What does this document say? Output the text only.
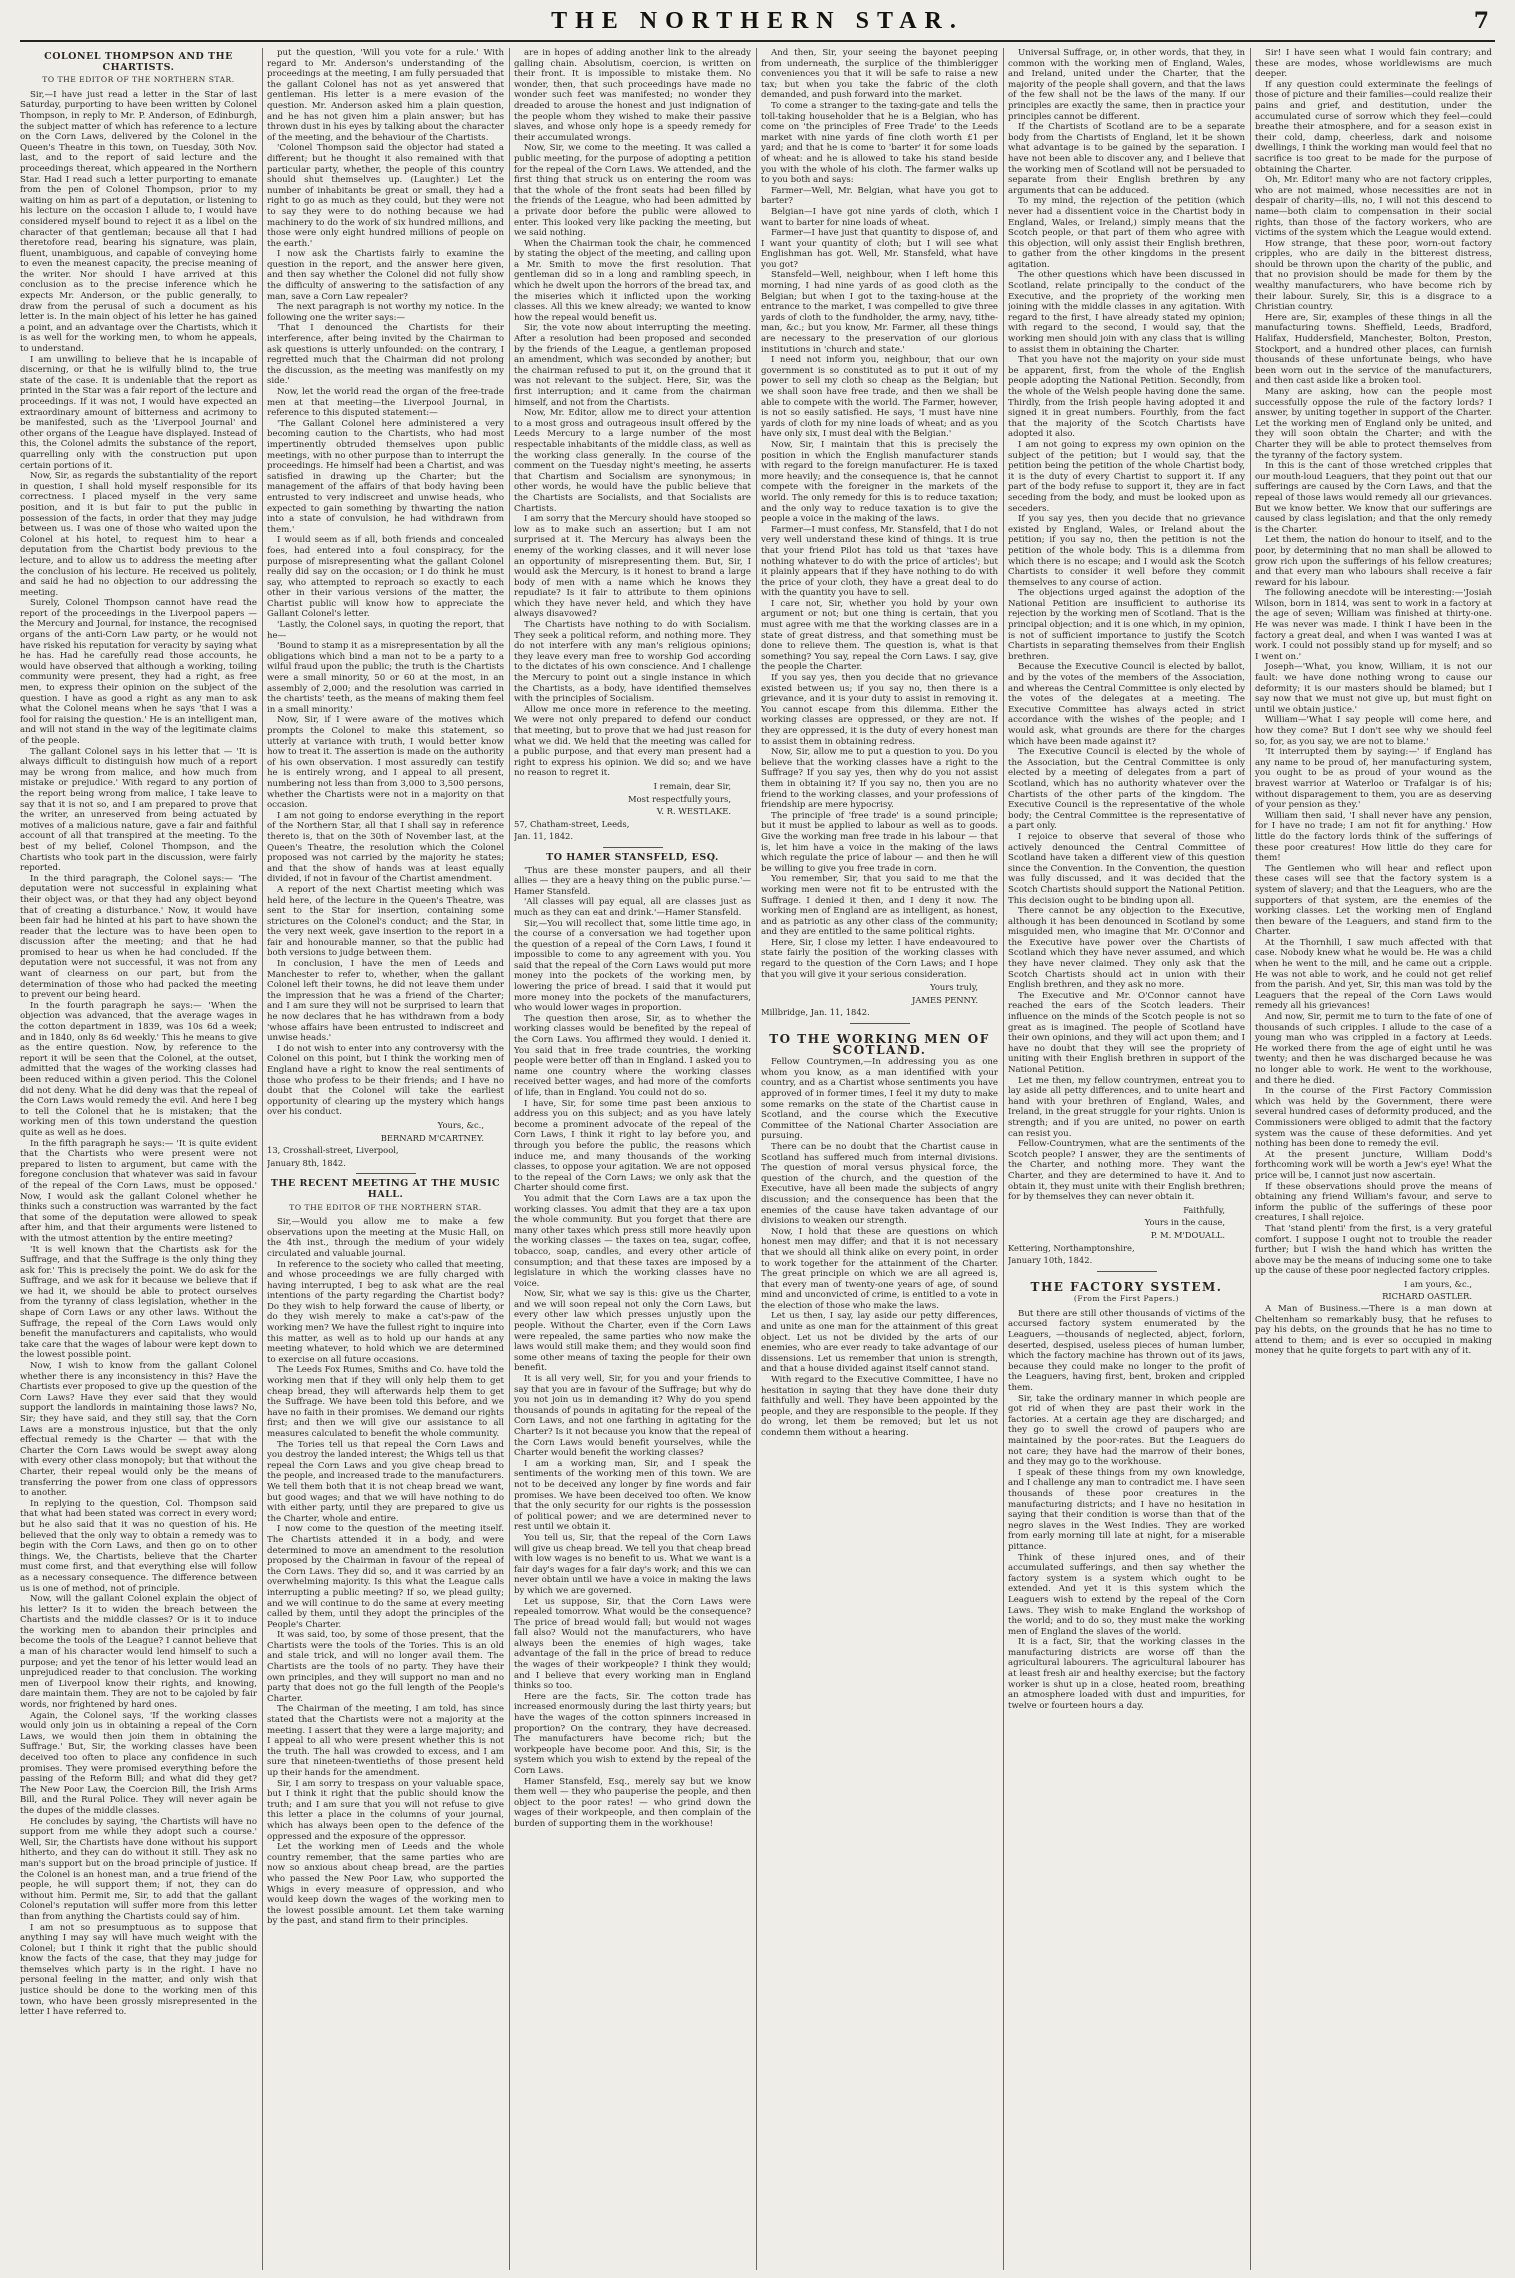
THE NORTHERN STAR.	7
COLONEL THOMPSON AND THE CHARTISTS.
TO THE EDITOR OF THE NORTHERN STAR.

Sir,—I have just read a letter in the Star of last Saturday, purporting to have been written by Colonel Thompson, in reply to Mr. P. Anderson, of Edinburgh, the subject matter of which has reference to a lecture on the Corn Laws, delivered by the Colonel in the Queen's Theatre in this town, on Tuesday, 30th Nov. last, and to the report of said lecture and the proceedings thereat, which appeared in the Northern Star. Had I read such a letter purporting to emanate from the pen of Colonel Thompson, prior to my waiting on him as part of a deputation, or listening to his lecture on the occasion I allude to, I would have considered myself bound to reject it as a libel on the character of that gentleman; because all that I had theretofore read, bearing his signature, was plain, fluent, unambiguous, and capable of conveying home to even the meanest capacity, the precise meaning of the writer. Nor should I have arrived at this conclusion as to the precise inference which he expects Mr. Anderson, or the public generally, to draw from the perusal of such a document as his letter is. In the main object of his letter he has gained a point, and an advantage over the Chartists, which it is as well for the working men, to whom he appeals, to understand.

I am unwilling to believe that he is incapable of discerning, or that he is wilfully blind to, the true state of the case. It is undeniable that the report as printed in the Star was a fair report of the lecture and proceedings. If it was not, I would have expected an extraordinary amount of bitterness and acrimony to be manifested, such as the 'Liverpool Journal' and other organs of the League have displayed. Instead of this, the Colonel admits the substance of the report, quarrelling only with the construction put upon certain portions of it.

Now, Sir, as regards the substantiality of the report in question, I shall hold myself responsible for its correctness. I placed myself in the very same position, and it is but fair to put the public in possession of the facts, in order that they may judge between us. I was one of those who waited upon the Colonel at his hotel, to request him to hear a deputation from the Chartist body previous to the lecture, and to allow us to address the meeting after the conclusion of his lecture. He received us politely, and said he had no objection to our addressing the meeting.

Surely, Colonel Thompson cannot have read the report of the proceedings in the Liverpool papers — the Mercury and Journal, for instance, the recognised organs of the anti-Corn Law party, or he would not have risked his reputation for veracity by saying what he has. Had he carefully read those accounts, he would have observed that although a working, toiling community were present, they had a right, as free men, to express their opinion on the subject of the question. I have as good a right as any man to ask what the Colonel means when he says 'that I was a fool for raising the question.' He is an intelligent man, and will not stand in the way of the legitimate claims of the people.

The gallant Colonel says in his letter that — 'It is always difficult to distinguish how much of a report may be wrong from malice, and how much from mistake or prejudice.' With regard to any portion of the report being wrong from malice, I take leave to say that it is not so, and I am prepared to prove that the writer, an unreserved from being actuated by motives of a malicious nature, gave a fair and faithful account of all that transpired at the meeting. To the best of my belief, Colonel Thompson, and the Chartists who took part in the discussion, were fairly reported.

In the third paragraph, the Colonel says:— 'The deputation were not successful in explaining what their object was, or that they had any object beyond that of creating a disturbance.' Now, it would have been fair had he hinted at his part to have shown the reader that the lecture was to have been open to discussion after the meeting; and that he had promised to hear us when he had concluded. If the deputation were not successful, it was not from any want of clearness on our part, but from the determination of those who had packed the meeting to prevent our being heard.

In the fourth paragraph he says:— 'When the objection was advanced, that the average wages in the cotton department in 1839, was 10s 6d a week; and in 1840, only 8s 6d weekly.' This he means to give as the entire question. Now, by reference to the report it will be seen that the Colonel, at the outset, admitted that the wages of the working classes had been reduced within a given period. This the Colonel did not deny. What he did deny was that the repeal of the Corn Laws would remedy the evil. And here I beg to tell the Colonel that he is mistaken; that the working men of this town understand the question quite as well as he does.

In the fifth paragraph he says:— 'It is quite evident that the Chartists who were present were not prepared to listen to argument, but came with the foregone conclusion that whatever was said in favour of the repeal of the Corn Laws, must be opposed.' Now, I would ask the gallant Colonel whether he thinks such a construction was warranted by the fact that some of the deputation were allowed to speak after him, and that their arguments were listened to with the utmost attention by the entire meeting?

'It is well known that the Chartists ask for the Suffrage, and that the Suffrage is the only thing they ask for.' This is precisely the point. We do ask for the Suffrage, and we ask for it because we believe that if we had it, we should be able to protect ourselves from the tyranny of class legislation, whether in the shape of Corn Laws or any other laws. Without the Suffrage, the repeal of the Corn Laws would only benefit the manufacturers and capitalists, who would take care that the wages of labour were kept down to the lowest possible point.

Now, I wish to know from the gallant Colonel whether there is any inconsistency in this? Have the Chartists ever proposed to give up the question of the Corn Laws? Have they ever said that they would support the landlords in maintaining those laws? No, Sir; they have said, and they still say, that the Corn Laws are a monstrous injustice, but that the only effectual remedy is the Charter — that with the Charter the Corn Laws would be swept away along with every other class monopoly; but that without the Charter, their repeal would only be the means of transferring the power from one class of oppressors to another.

In replying to the question, Col. Thompson said that what had been stated was correct in every word; but he also said that it was no question of his. He believed that the only way to obtain a remedy was to begin with the Corn Laws, and then go on to other things. We, the Chartists, believe that the Charter must come first, and that everything else will follow as a necessary consequence. The difference between us is one of method, not of principle.

Now, will the gallant Colonel explain the object of his letter? Is it to widen the breach between the Chartists and the middle classes? Or is it to induce the working men to abandon their principles and become the tools of the League? I cannot believe that a man of his character would lend himself to such a purpose; and yet the tenor of his letter would lead an unprejudiced reader to that conclusion. The working men of Liverpool know their rights, and knowing, dare maintain them. They are not to be cajoled by fair words, nor frightened by hard ones.

Again, the Colonel says, 'If the working classes would only join us in obtaining a repeal of the Corn Laws, we would then join them in obtaining the Suffrage.' But, Sir, the working classes have been deceived too often to place any confidence in such promises. They were promised everything before the passing of the Reform Bill; and what did they get? The New Poor Law, the Coercion Bill, the Irish Arms Bill, and the Rural Police. They will never again be the dupes of the middle classes.

He concludes by saying, 'the Chartists will have no support from me while they adopt such a course.' Well, Sir, the Chartists have done without his support hitherto, and they can do without it still. They ask no man's support but on the broad principle of justice. If the Colonel is an honest man, and a true friend of the people, he will support them; if not, they can do without him. Permit me, Sir, to add that the gallant Colonel's reputation will suffer more from this letter than from anything the Chartists could say of him.

I am not so presumptuous as to suppose that anything I may say will have much weight with the Colonel; but I think it right that the public should know the facts of the case, that they may judge for themselves which party is in the right. I have no personal feeling in the matter, and only wish that justice should be done to the working men of this town, who have been grossly misrepresented in the letter I have referred to.

put the question, 'Will you vote for a rule.' With regard to Mr. Anderson's understanding of the proceedings at the meeting, I am fully persuaded that the gallant Colonel has not as yet answered that gentleman. His letter is a mere evasion of the question. Mr. Anderson asked him a plain question, and he has not given him a plain answer; but has thrown dust in his eyes by talking about the character of the meeting, and the behaviour of the Chartists.

'Colonel Thompson said the objector had stated a different; but he thought it also remained with that particular party, whether, the people of this country should shut themselves up. (Laughter.) Let the number of inhabitants be great or small, they had a right to go as much as they could, but they were not to say they were to do nothing because we had machinery to do the work of six hundred millions, and those were only eight hundred millions of people on the earth.'

I now ask the Chartists fairly to examine the question in the report, and the answer here given, and then say whether the Colonel did not fully show the difficulty of answering to the satisfaction of any man, save a Corn Law repealer?

The next paragraph is not worthy my notice. In the following one the writer says:—

'That I denounced the Chartists for their interference, after being invited by the Chairman to ask questions is utterly unfounded: on the contrary, I regretted much that the Chairman did not prolong the discussion, as the meeting was manifestly on my side.'

Now, let the world read the organ of the free-trade men at that meeting—the Liverpool Journal, in reference to this disputed statement:—

'The Gallant Colonel here administered a very becoming caution to the Chartists, who had most impertinently obtruded themselves upon public meetings, with no other purpose than to interrupt the proceedings. He himself had been a Chartist, and was satisfied in drawing up the Charter; but the management of the affairs of that body having been entrusted to very indiscreet and unwise heads, who expected to gain something by thwarting the nation into a state of convulsion, he had withdrawn from them.'

I would seem as if all, both friends and concealed foes, had entered into a foul conspiracy, for the purpose of misrepresenting what the gallant Colonel really did say on the occasion; or I do think he must say, who attempted to reproach so exactly to each other in their various versions of the matter, the Chartist public will know how to appreciate the Gallant Colonel's letter.

'Lastly, the Colonel says, in quoting the report, that he—

'Bound to stamp it as a misrepresentation by all the obligations which bind a man not to be a party to a wilful fraud upon the public; the truth is the Chartists were a small minority, 50 or 60 at the most, in an assembly of 2,000; and the resolution was carried in the chartists' teeth, as the means of making them feel in a small minority.'

Now, Sir, if I were aware of the motives which prompts the Colonel to make this statement, so utterly at variance with truth, I would better know how to treat it. The assertion is made on the authority of his own observation. I most assuredly can testify he is entirely wrong, and I appeal to all present, numbering not less than from 3,000 to 3,500 persons, whether the Chartists were not in a majority on that occasion.

I am not going to endorse everything in the report of the Northern Star, all that I shall say in reference thereto is, that on the 30th of November last, at the Queen's Theatre, the resolution which the Colonel proposed was not carried by the majority he states; and that the show of hands was at least equally divided, if not in favour of the Chartist amendment.

A report of the next Chartist meeting which was held here, of the lecture in the Queen's Theatre, was sent to the Star for insertion, containing some strictures on the Colonel's conduct; and the Star, in the very next week, gave insertion to the report in a fair and honourable manner, so that the public had both versions to judge between them.

In conclusion, I have the men of Leeds and Manchester to refer to, whether, when the gallant Colonel left their towns, he did not leave them under the impression that he was a friend of the Charter; and I am sure they will not be surprised to learn that he now declares that he has withdrawn from a body 'whose affairs have been entrusted to indiscreet and unwise heads.'

I do not wish to enter into any controversy with the Colonel on this point, but I think the working men of England have a right to know the real sentiments of those who profess to be their friends; and I have no doubt that the Colonel will take the earliest opportunity of clearing up the mystery which hangs over his conduct.

Yours, &c.,
BERNARD M'CARTNEY.
13, Crosshall-street, Liverpool,
January 8th, 1842.
THE RECENT MEETING AT THE MUSIC HALL.
TO THE EDITOR OF THE NORTHERN STAR.

Sir,—Would you allow me to make a few observations upon the meeting at the Music Hall, on the 4th inst., through the medium of your widely circulated and valuable journal.

In reference to the society who called that meeting, and whose proceedings we are fully charged with having interrupted, I beg to ask what are the real intentions of the party regarding the Chartist body? Do they wish to help forward the cause of liberty, or do they wish merely to make a cat's-paw of the working men? We have the fullest right to inquire into this matter, as well as to hold up our hands at any meeting whatever, to hold which we are determined to exercise on all future occasions.

The Leeds Fox Rumes, Smiths and Co. have told the working men that if they will only help them to get cheap bread, they will afterwards help them to get the Suffrage. We have been told this before, and we have no faith in their promises. We demand our rights first; and then we will give our assistance to all measures calculated to benefit the whole community.

The Tories tell us that repeal the Corn Laws and you destroy the landed interest; the Whigs tell us that repeal the Corn Laws and you give cheap bread to the people, and increased trade to the manufacturers. We tell them both that it is not cheap bread we want, but good wages; and that we will have nothing to do with either party, until they are prepared to give us the Charter, whole and entire.

I now come to the question of the meeting itself. The Chartists attended it in a body, and were determined to move an amendment to the resolution proposed by the Chairman in favour of the repeal of the Corn Laws. They did so, and it was carried by an overwhelming majority. Is this what the League calls interrupting a public meeting? If so, we plead guilty; and we will continue to do the same at every meeting called by them, until they adopt the principles of the People's Charter.

It was said, too, by some of those present, that the Chartists were the tools of the Tories. This is an old and stale trick, and will no longer avail them. The Chartists are the tools of no party. They have their own principles, and they will support no man and no party that does not go the full length of the People's Charter.

The Chairman of the meeting, I am told, has since stated that the Chartists were not a majority at the meeting. I assert that they were a large majority; and I appeal to all who were present whether this is not the truth. The hall was crowded to excess, and I am sure that nineteen-twentieths of those present held up their hands for the amendment.

Sir, I am sorry to trespass on your valuable space, but I think it right that the public should know the truth; and I am sure that you will not refuse to give this letter a place in the columns of your journal, which has always been open to the defence of the oppressed and the exposure of the oppressor.

Let the working men of Leeds and the whole country remember, that the same parties who are now so anxious about cheap bread, are the parties who passed the New Poor Law, who supported the Whigs in every measure of oppression, and who would keep down the wages of the working men to the lowest possible amount. Let them take warning by the past, and stand firm to their principles.

are in hopes of adding another link to the already galling chain. Absolutism, coercion, is written on their front. It is impossible to mistake them. No wonder, then, that such proceedings have made no wonder such feet was manifested; no wonder they dreaded to arouse the honest and just indignation of the people whom they wished to make their passive slaves, and whose only hope is a speedy remedy for their accumulated wrongs.

Now, Sir, we come to the meeting. It was called a public meeting, for the purpose of adopting a petition for the repeal of the Corn Laws. We attended, and the first thing that struck us on entering the room was that the whole of the front seats had been filled by the friends of the League, who had been admitted by a private door before the public were allowed to enter. This looked very like packing the meeting, but we said nothing.

When the Chairman took the chair, he commenced by stating the object of the meeting, and calling upon a Mr. Smith to move the first resolution. That gentleman did so in a long and rambling speech, in which he dwelt upon the horrors of the bread tax, and the miseries which it inflicted upon the working classes. All this we knew already; we wanted to know how the repeal would benefit us.

Sir, the vote now about interrupting the meeting. After a resolution had been proposed and seconded by the friends of the League, a gentleman proposed an amendment, which was seconded by another; but the chairman refused to put it, on the ground that it was not relevant to the subject. Here, Sir, was the first interruption; and it came from the chairman himself, and not from the Chartists.

Now, Mr. Editor, allow me to direct your attention to a most gross and outrageous insult offered by the Leeds Mercury to a large number of the most respectable inhabitants of the middle class, as well as the working class generally. In the course of the comment on the Tuesday night's meeting, he asserts that Chartism and Socialism are synonymous; in other words, he would have the public believe that the Chartists are Socialists, and that Socialists are Chartists.

I am sorry that the Mercury should have stooped so low as to make such an assertion; but I am not surprised at it. The Mercury has always been the enemy of the working classes, and it will never lose an opportunity of misrepresenting them. But, Sir, I would ask the Mercury, is it honest to brand a large body of men with a name which he knows they repudiate? Is it fair to attribute to them opinions which they have never held, and which they have always disavowed?

The Chartists have nothing to do with Socialism. They seek a political reform, and nothing more. They do not interfere with any man's religious opinions; they leave every man free to worship God according to the dictates of his own conscience. And I challenge the Mercury to point out a single instance in which the Chartists, as a body, have identified themselves with the principles of Socialism.

Allow me once more in reference to the meeting. We were not only prepared to defend our conduct that meeting, but to prove that we had just reason for what we did. We held that the meeting was called for a public purpose, and that every man present had a right to express his opinion. We did so; and we have no reason to regret it.

I remain, dear Sir,
Most respectfully yours,
V. R. WESTLAKE.
57, Chatham-street, Leeds,
Jan. 11, 1842.
TO HAMER STANSFELD, ESQ.

'Thus are these monster paupers, and all their allies — they are a heavy thing on the public purse.'—Hamer Stansfeld.

'All classes will pay equal, all are classes just as much as they can eat and drink.'—Hamer Stansfeld.

Sir,—You will recollect that, some little time ago, in the course of a conversation we had together upon the question of a repeal of the Corn Laws, I found it impossible to come to any agreement with you. You said that the repeal of the Corn Laws would put more money into the pockets of the working men, by lowering the price of bread. I said that it would put more money into the pockets of the manufacturers, who would lower wages in proportion.

The question then arose, Sir, as to whether the working classes would be benefited by the repeal of the Corn Laws. You affirmed they would. I denied it. You said that in free trade countries, the working people were better off than in England. I asked you to name one country where the working classes received better wages, and had more of the comforts of life, than in England. You could not do so.

I have, Sir, for some time past been anxious to address you on this subject; and as you have lately become a prominent advocate of the repeal of the Corn Laws, I think it right to lay before you, and through you before the public, the reasons which induce me, and many thousands of the working classes, to oppose your agitation. We are not opposed to the repeal of the Corn Laws; we only ask that the Charter should come first.

You admit that the Corn Laws are a tax upon the working classes. You admit that they are a tax upon the whole community. But you forget that there are many other taxes which press still more heavily upon the working classes — the taxes on tea, sugar, coffee, tobacco, soap, candles, and every other article of consumption; and that these taxes are imposed by a legislature in which the working classes have no voice.

Now, Sir, what we say is this: give us the Charter, and we will soon repeal not only the Corn Laws, but every other law which presses unjustly upon the people. Without the Charter, even if the Corn Laws were repealed, the same parties who now make the laws would still make them; and they would soon find some other means of taxing the people for their own benefit.

It is all very well, Sir, for you and your friends to say that you are in favour of the Suffrage; but why do you not join us in demanding it? Why do you spend thousands of pounds in agitating for the repeal of the Corn Laws, and not one farthing in agitating for the Charter? Is it not because you know that the repeal of the Corn Laws would benefit yourselves, while the Charter would benefit the working classes?

I am a working man, Sir, and I speak the sentiments of the working men of this town. We are not to be deceived any longer by fine words and fair promises. We have been deceived too often. We know that the only security for our rights is the possession of political power; and we are determined never to rest until we obtain it.

You tell us, Sir, that the repeal of the Corn Laws will give us cheap bread. We tell you that cheap bread with low wages is no benefit to us. What we want is a fair day's wages for a fair day's work; and this we can never obtain until we have a voice in making the laws by which we are governed.

Let us suppose, Sir, that the Corn Laws were repealed tomorrow. What would be the consequence? The price of bread would fall; but would not wages fall also? Would not the manufacturers, who have always been the enemies of high wages, take advantage of the fall in the price of bread to reduce the wages of their workpeople? I think they would; and I believe that every working man in England thinks so too.

Here are the facts, Sir. The cotton trade has increased enormously during the last thirty years; but have the wages of the cotton spinners increased in proportion? On the contrary, they have decreased. The manufacturers have become rich; but the workpeople have become poor. And this, Sir, is the system which you wish to extend by the repeal of the Corn Laws.

Hamer Stansfeld, Esq., merely say but we know them well — they who pauperise the people, and then object to the poor rates! — who grind down the wages of their workpeople, and then complain of the burden of supporting them in the workhouse!

And then, Sir, your seeing the bayonet peeping from underneath, the surplice of the thimblerigger conveniences you that it will be safe to raise a new tax; but when you take the fabric of the cloth demanded, and push forward into the market.

To come a stranger to the taxing-gate and tells the toll-taking householder that he is a Belgian, who has come on 'the principles of Free Trade' to the Leeds market with nine yards of fine cloth worth £1 per yard; and that he is come to 'barter' it for some loads of wheat: and he is allowed to take his stand beside you with the whole of his cloth. The farmer walks up to you both and says:

Farmer—Well, Mr. Belgian, what have you got to barter?

Belgian—I have got nine yards of cloth, which I want to barter for nine loads of wheat.

Farmer—I have just that quantity to dispose of, and I want your quantity of cloth; but I will see what Englishman has got. Well, Mr. Stansfeld, what have you got?

Stansfeld—Well, neighbour, when I left home this morning, I had nine yards of as good cloth as the Belgian; but when I got to the taxing-house at the entrance to the market, I was compelled to give three yards of cloth to the fundholder, the army, navy, tithe-man, &c.; but you know, Mr. Farmer, all these things are necessary to the preservation of our glorious institutions in 'church and state.'

I need not inform you, neighbour, that our own government is so constituted as to put it out of my power to sell my cloth so cheap as the Belgian; but we shall soon have free trade, and then we shall be able to compete with the world. The Farmer, however, is not so easily satisfied. He says, 'I must have nine yards of cloth for my nine loads of wheat; and as you have only six, I must deal with the Belgian.'

Now, Sir, I maintain that this is precisely the position in which the English manufacturer stands with regard to the foreign manufacturer. He is taxed more heavily; and the consequence is, that he cannot compete with the foreigner in the markets of the world. The only remedy for this is to reduce taxation; and the only way to reduce taxation is to give the people a voice in the making of the laws.

Farmer—I must confess, Mr. Stansfeld, that I do not very well understand these kind of things. It is true that your friend Pilot has told us that 'taxes have nothing whatever to do with the price of articles'; but it plainly appears that if they have nothing to do with the price of your cloth, they have a great deal to do with the quantity you have to sell.

I care not, Sir, whether you hold by your own argument or not; but one thing is certain, that you must agree with me that the working classes are in a state of great distress, and that something must be done to relieve them. The question is, what is that something? You say, repeal the Corn Laws. I say, give the people the Charter.

If you say yes, then you decide that no grievance existed between us; if you say no, then there is a grievance, and it is your duty to assist in removing it. You cannot escape from this dilemma. Either the working classes are oppressed, or they are not. If they are oppressed, it is the duty of every honest man to assist them in obtaining redress.

Now, Sir, allow me to put a question to you. Do you believe that the working classes have a right to the Suffrage? If you say yes, then why do you not assist them in obtaining it? If you say no, then you are no friend to the working classes, and your professions of friendship are mere hypocrisy.

The principle of 'free trade' is a sound principle; but it must be applied to labour as well as to goods. Give the working man free trade in his labour — that is, let him have a voice in the making of the laws which regulate the price of labour — and then he will be willing to give you free trade in corn.

You remember, Sir, that you said to me that the working men were not fit to be entrusted with the Suffrage. I denied it then, and I deny it now. The working men of England are as intelligent, as honest, and as patriotic as any other class of the community; and they are entitled to the same political rights.

Here, Sir, I close my letter. I have endeavoured to state fairly the position of the working classes with regard to the question of the Corn Laws; and I hope that you will give it your serious consideration.

Yours truly,
JAMES PENNY.
Millbridge, Jan. 11, 1842.
TO THE WORKING MEN OF SCOTLAND.

Fellow Countrymen,—In addressing you as one whom you know, as a man identified with your country, and as a Chartist whose sentiments you have approved of in former times, I feel it my duty to make some remarks on the state of the Chartist cause in Scotland, and the course which the Executive Committee of the National Charter Association are pursuing.

There can be no doubt that the Chartist cause in Scotland has suffered much from internal divisions. The question of moral versus physical force, the question of the church, and the question of the Executive, have all been made the subjects of angry discussion; and the consequence has been that the enemies of the cause have taken advantage of our divisions to weaken our strength.

Now, I hold that these are questions on which honest men may differ; and that it is not necessary that we should all think alike on every point, in order to work together for the attainment of the Charter. The great principle on which we are all agreed is, that every man of twenty-one years of age, of sound mind and unconvicted of crime, is entitled to a vote in the election of those who make the laws.

Let us then, I say, lay aside our petty differences, and unite as one man for the attainment of this great object. Let us not be divided by the arts of our enemies, who are ever ready to take advantage of our dissensions. Let us remember that union is strength, and that a house divided against itself cannot stand.

With regard to the Executive Committee, I have no hesitation in saying that they have done their duty faithfully and well. They have been appointed by the people, and they are responsible to the people. If they do wrong, let them be removed; but let us not condemn them without a hearing.

Universal Suffrage, or, in other words, that they, in common with the working men of England, Wales, and Ireland, united under the Charter, that the majority of the people shall govern, and that the laws of the few shall not be the laws of the many. If our principles are exactly the same, then in practice your principles cannot be different.

If the Chartists of Scotland are to be a separate body from the Chartists of England, let it be shown what advantage is to be gained by the separation. I have not been able to discover any, and I believe that the working men of Scotland will not be persuaded to separate from their English brethren by any arguments that can be adduced.

To my mind, the rejection of the petition (which never had a dissentient voice in the Chartist body in England, Wales, or Ireland,) simply means that the Scotch people, or that part of them who agree with this objection, will only assist their English brethren, to gather from the other kingdoms in the present agitation.

The other questions which have been discussed in Scotland, relate principally to the conduct of the Executive, and the propriety of the working men joining with the middle classes in any agitation. With regard to the first, I have already stated my opinion; with regard to the second, I would say, that the working men should join with any class that is willing to assist them in obtaining the Charter.

That you have not the majority on your side must be apparent, first, from the whole of the English people adopting the National Petition. Secondly, from the whole of the Welsh people having done the same. Thirdly, from the Irish people having adopted it and signed it in great numbers. Fourthly, from the fact that the majority of the Scotch Chartists have adopted it also.

I am not going to express my own opinion on the subject of the petition; but I would say, that the petition being the petition of the whole Chartist body, it is the duty of every Chartist to support it. If any part of the body refuse to support it, they are in fact seceding from the body, and must be looked upon as seceders.

If you say yes, then you decide that no grievance existed by England, Wales, or Ireland about the petition; if you say no, then the petition is not the petition of the whole body. This is a dilemma from which there is no escape; and I would ask the Scotch Chartists to consider it well before they commit themselves to any course of action.

The objections urged against the adoption of the National Petition are insufficient to authorise its rejection by the working men of Scotland. That is the principal objection; and it is one which, in my opinion, is not of sufficient importance to justify the Scotch Chartists in separating themselves from their English brethren.

Because the Executive Council is elected by ballot, and by the votes of the members of the Association, and whereas the Central Committee is only elected by the votes of the delegates at a meeting. The Executive Committee has always acted in strict accordance with the wishes of the people; and I would ask, what grounds are there for the charges which have been made against it?

The Executive Council is elected by the whole of the Association, but the Central Committee is only elected by a meeting of delegates from a part of Scotland, which has no authority whatever over the Chartists of the other parts of the kingdom. The Executive Council is the representative of the whole body; the Central Committee is the representative of a part only.

I rejoice to observe that several of those who actively denounced the Central Committee of Scotland have taken a different view of this question since the Convention. In the Convention, the question was fully discussed, and it was decided that the Scotch Chartists should support the National Petition. This decision ought to be binding upon all.

There cannot be any objection to the Executive, although it has been denounced in Scotland by some misguided men, who imagine that Mr. O'Connor and the Executive have power over the Chartists of Scotland which they have never assumed, and which they have never claimed. They only ask that the Scotch Chartists should act in union with their English brethren, and they ask no more.

The Executive and Mr. O'Connor cannot have reached the ears of the Scotch leaders. Their influence on the minds of the Scotch people is not so great as is imagined. The people of Scotland have their own opinions, and they will act upon them; and I have no doubt that they will see the propriety of uniting with their English brethren in support of the National Petition.

Let me then, my fellow countrymen, entreat you to lay aside all petty differences, and to unite heart and hand with your brethren of England, Wales, and Ireland, in the great struggle for your rights. Union is strength; and if you are united, no power on earth can resist you.

Fellow-Countrymen, what are the sentiments of the Scotch people? I answer, they are the sentiments of the Charter, and nothing more. They want the Charter, and they are determined to have it. And to obtain it, they must unite with their English brethren; for by themselves they can never obtain it.

Faithfully,
Yours in the cause,
P. M. M'DOUALL.
Kettering, Northamptonshire,
January 10th, 1842.
THE FACTORY SYSTEM.
(From the First Papers.)

But there are still other thousands of victims of the accursed factory system enumerated by the Leaguers, —thousands of neglected, abject, forlorn, deserted, despised, useless pieces of human lumber, which the factory machine has thrown out of its jaws, because they could make no longer to the profit of the Leaguers, having first, bent, broken and crippled them.

Sir, take the ordinary manner in which people are got rid of when they are past their work in the factories. At a certain age they are discharged; and they go to swell the crowd of paupers who are maintained by the poor-rates. But the Leaguers do not care; they have had the marrow of their bones, and they may go to the workhouse.

I speak of these things from my own knowledge, and I challenge any man to contradict me. I have seen thousands of these poor creatures in the manufacturing districts; and I have no hesitation in saying that their condition is worse than that of the negro slaves in the West Indies. They are worked from early morning till late at night, for a miserable pittance.

Think of these injured ones, and of their accumulated sufferings, and then say whether the factory system is a system which ought to be extended. And yet it is this system which the Leaguers wish to extend by the repeal of the Corn Laws. They wish to make England the workshop of the world; and to do so, they must make the working men of England the slaves of the world.

It is a fact, Sir, that the working classes in the manufacturing districts are worse off than the agricultural labourers. The agricultural labourer has at least fresh air and healthy exercise; but the factory worker is shut up in a close, heated room, breathing an atmosphere loaded with dust and impurities, for twelve or fourteen hours a day.

Sir! I have seen what I would fain contrary; and these are modes, whose worldlewisms are much deeper.

If any question could exterminate the feelings of those of picture and their families—could realize their pains and grief, and destitution, under the accumulated curse of sorrow which they feel—could breathe their atmosphere, and for a season exist in their cold, damp, cheerless, dark and noisome dwellings, I think the working man would feel that no sacrifice is too great to be made for the purpose of obtaining the Charter.

Oh, Mr. Editor! many who are not factory cripples, who are not maimed, whose necessities are not in despair of charity—ills, no, I will not this descend to name—both claim to compensation in their social rights, than those of the factory workers, who are victims of the system which the League would extend.

How strange, that these poor, worn-out factory cripples, who are daily in the bitterest distress, should be thrown upon the charity of the public, and that no provision should be made for them by the wealthy manufacturers, who have become rich by their labour. Surely, Sir, this is a disgrace to a Christian country.

Here are, Sir, examples of these things in all the manufacturing towns. Sheffield, Leeds, Bradford, Halifax, Huddersfield, Manchester, Bolton, Preston, Stockport, and a hundred other places, can furnish thousands of these unfortunate beings, who have been worn out in the service of the manufacturers, and then cast aside like a broken tool.

Many are asking, how can the people most successfully oppose the rule of the factory lords? I answer, by uniting together in support of the Charter. Let the working men of England only be united, and they will soon obtain the Charter; and with the Charter they will be able to protect themselves from the tyranny of the factory system.

In this is the cant of those wretched cripples that our mouth-loud Leaguers, that they point out that our sufferings are caused by the Corn Laws, and that the repeal of those laws would remedy all our grievances. But we know better. We know that our sufferings are caused by class legislation; and that the only remedy is the Charter.

Let them, the nation do honour to itself, and to the poor, by determining that no man shall be allowed to grow rich upon the sufferings of his fellow creatures; and that every man who labours shall receive a fair reward for his labour.

The following anecdote will be interesting:—'Josiah Wilson, born in 1814, was sent to work in a factory at the age of seven; William was finished at thirty-one. He was never was made. I think I have been in the factory a great deal, and when I was wanted I was at work. I could not possibly stand up for myself; and so I went on.'

Joseph—'What, you know, William, it is not our fault: we have done nothing wrong to cause our deformity; it is our masters should be blamed; but I say now that we must not give up, but must fight on until we obtain justice.'

William—'What I say people will come here, and how they come? But I don't see why we should feel so, for, as you say, we are not to blame.'

'It interrupted them by saying:—' if England has any name to be proud of, her manufacturing system, you ought to be as proud of your wound as the bravest warrior at Waterloo or Trafalgar is of his; without disparagement to them, you are as deserving of your pension as they.'

William then said, 'I shall never have any pension, for I have no trade; I am not fit for anything.' How little do the factory lords think of the sufferings of these poor creatures! How little do they care for them!

The Gentlemen who will hear and reflect upon these cases will see that the factory system is a system of slavery; and that the Leaguers, who are the supporters of that system, are the enemies of the working classes. Let the working men of England then beware of the Leaguers, and stand firm to the Charter.

At the Thornhill, I saw much affected with that case. Nobody knew what he would be. He was a child when he went to the mill, and he came out a cripple. He was not able to work, and he could not get relief from the parish. And yet, Sir, this man was told by the Leaguers that the repeal of the Corn Laws would remedy all his grievances!

And now, Sir, permit me to turn to the fate of one of thousands of such cripples. I allude to the case of a young man who was crippled in a factory at Leeds. He worked there from the age of eight until he was twenty; and then he was discharged because he was no longer able to work. He went to the workhouse, and there he died.

In the course of the First Factory Commission which was held by the Government, there were several hundred cases of deformity produced, and the Commissioners were obliged to admit that the factory system was the cause of these deformities. And yet nothing has been done to remedy the evil.

At the present juncture, William Dodd's forthcoming work will be worth a Jew's eye! What the price will be, I cannot just now ascertain.

If these observations should prove the means of obtaining any friend William's favour, and serve to inform the public of the sufferings of these poor creatures, I shall rejoice.

That 'stand plenti' from the first, is a very grateful comfort. I suppose I ought not to trouble the reader further; but I wish the hand which has written the above may be the means of inducing some one to take up the cause of these poor neglected factory cripples.

I am yours, &c.,
RICHARD OASTLER.

A Man of Business.—There is a man down at Cheltenham so remarkably busy, that he refuses to pay his debts, on the grounds that he has no time to attend to them; and is ever so occupied in making money that he quite forgets to part with any of it.
